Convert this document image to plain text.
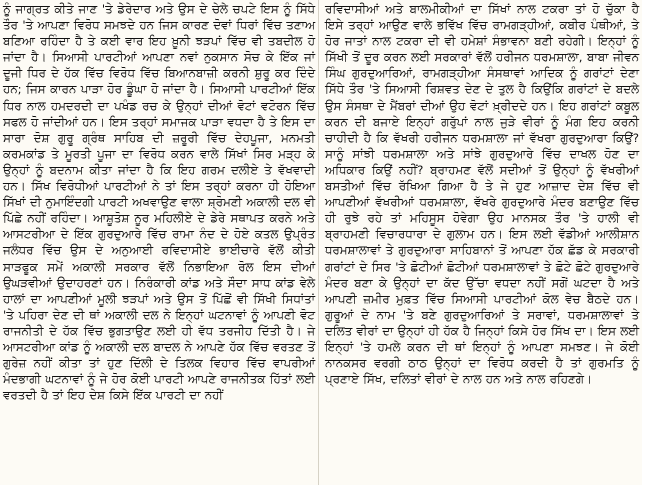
ਨੂੰ ਜਾਗ੍ਰਤ ਕੀਤੇ ਜਾਣ 'ਤੇ ਡੇਰੇਦਾਰ ਅਤੇ ਉਸ ਦੇ ਚੇਲੇ ਚਪਟੇ ਇਸ ਨੂੰ ਸਿੱਧੇ ਤੌਰ 'ਤੇ ਆਪਣਾ ਵਿਰੋਧ ਸਮਝਦੇ ਹਨ ਜਿਸ ਕਾਰਣ ਦੋਵਾਂ ਧਿਰਾਂ ਵਿੱਚ ਤਣਾਅ ਬਣਿਆ ਰਹਿੰਦਾ ਹੈ ਤੇ ਕਈ ਵਾਰ ਇਹ ਖ਼ੂਨੀ ਝੜਪਾਂ ਵਿੱਚ ਵੀ ਤਬਦੀਲ ਹੋ ਜਾਂਦਾ ਹੈ। ਸਿਆਸੀ ਪਾਰਟੀਆਂ ਆਪਣਾ ਨਵਾਂ ਨੁਕਸਾਨ ਸੋਚ ਕੇ ਇੱਕ ਜਾਂ ਦੂਜੀ ਧਿਰ ਦੇ ਹੱਕ ਵਿੱਚ ਵਿਰੋਧ ਵਿੱਚ ਬਿਆਨਬਾਜ਼ੀ ਕਰਨੀ ਸ਼ੁਰੂ ਕਰ ਦਿੰਦੇ ਹਨ; ਜਿਸ ਕਾਰਨ ਪਾੜਾ ਹੋਰ ਡੂੰਘਾ ਹੋ ਜਾਂਦਾ ਹੈ। ਸਿਆਸੀ ਪਾਰਟੀਆਂ ਇੱਕ ਧਿਰ ਨਾਲ ਹਮਦਰਦੀ ਦਾ ਪਖੰਡ ਰਚ ਕੇ ਉਨ੍ਹਾਂ ਦੀਆਂ ਵੋਟਾਂ ਵਟੋਰਨ ਵਿੱਚ ਸਫਲ ਹੋ ਜਾਂਦੀਆਂ ਹਨ। ਇਸ ਤਰ੍ਹਾਂ ਸਮਾਜਕ ਪਾੜਾ ਵਧਦਾ ਹੈ ਤੇ ਇਸ ਦਾ ਸਾਰਾ ਦੋਸ਼ ਗੁਰੂ ਗ੍ਰੰਥ ਸਾਹਿਬ ਦੀ ਜ਼ਰੂਰੀ ਵਿੱਚ ਦੇਹਪੂਜਾ, ਮਨਮਤੀ ਕਰਮਕਾਂਡ ਤੇ ਮੂਰਤੀ ਪੂਜਾ ਦਾ ਵਿਰੋਧ ਕਰਨ ਵਾਲੇ ਸਿੱਖਾਂ ਸਿਰ ਮੜ੍ਹ ਕੇ ਉਨ੍ਹਾਂ ਨੂੰ ਬਦਨਾਮ ਕੀਤਾ ਜਾਂਦਾ ਹੈ ਕਿ ਇਹ ਗਰਮ ਦਲੀਏ ਤੇ ਵੱਖਵਾਦੀ ਹਨ। ਸਿੱਖ ਵਿਰੋਧੀਆਂ ਪਾਰਟੀਆਂ ਨੇ ਤਾਂ ਇਸ ਤਰ੍ਹਾਂ ਕਰਨਾ ਹੀ ਹੋਇਆ ਸਿੱਖਾਂ ਦੀ ਨੁਮਾਇੰਦਗੀ ਪਾਰਟੀ ਅਖਵਾਉਣ ਵਾਲਾ ਸ਼੍ਰੋਮਣੀ ਅਕਾਲੀ ਦਲ ਵੀ ਪਿੱਛੇ ਨਹੀਂ ਰਹਿੰਦਾ। ਆਸ਼ੂਤੋਸ਼ ਨੂਰ ਮਹਿਲੀਏ ਦੇ ਡੇਰੇ ਸਥਾਪਤ ਕਰਨੇ ਅਤੇ ਆਸਟਰੀਆ ਦੇ ਇੱਕ ਗੁਰਦੁਆਰੇ ਵਿੱਚ ਰਾਮਾ ਨੰਦ ਦੇ ਹੋਏ ਕਤਲ ਉਪ੍ਰੰਤ ਜਲੰਧਰ ਵਿੱਚ ਉਸ ਦੇ ਅਨੁਆਈ ਰਵਿਦਾਸੀਏ ਭਾਈਚਾਰੇ ਵੱਲੋਂ ਕੀਤੀ ਸਾੜਫੂਕ ਸਮੇਂ ਅਕਾਲੀ ਸਰਕਾਰ ਵੱਲੋਂ ਨਿਭਾਇਆ ਰੋਲ ਇਸ ਦੀਆਂ ਉਘੜਵੀਆਂ ਉਦਾਹਰਣਾਂ ਹਨ। ਨਿਰੰਕਾਰੀ ਕਾਂਡ ਅਤੇ ਸੌਦਾ ਸਾਧ ਕਾਂਡ ਵੇਲੇ ਹਾਲਾਂ ਦਾ ਆਪਣੀਆਂ ਮੂਲੀ ਝੜਪਾਂ ਅਤੇ ਉਸ ਤੋਂ ਪਿੱਛੋਂ ਵੀ ਸਿੱਖੀ ਸਿਧਾਂਤਾਂ 'ਤੇ ਪਹਿਰਾ ਦੇਣ ਦੀ ਥਾਂ ਅਕਾਲੀ ਦਲ ਨੇ ਇਨ੍ਹਾਂ ਘਟਨਾਵਾਂ ਨੂੰ ਆਪਣੀ ਵੋਟ ਰਾਜਨੀਤੀ ਦੇ ਹੱਕ ਵਿੱਚ ਭੁਗਤਾਉਣ ਲਈ ਹੀ ਵੱਧ ਤਰਜੀਹ ਦਿੱਤੀ ਹੈ। ਜੇ ਆਸਟਰੀਆ ਕਾਂਡ ਨੂੰ ਅਕਾਲੀ ਦਲ ਬਾਦਲ ਨੇ ਆਪਣੇ ਹੱਕ ਵਿੱਚ ਵਰਤਣ ਤੋਂ ਗੁਰੇਜ਼ ਨਹੀਂ ਕੀਤਾ ਤਾਂ ਹੁਣ ਦਿੱਲੀ ਦੇ ਤਿਲਕ ਵਿਹਾਰ ਵਿੱਚ ਵਾਪਰੀਆਂ ਮੰਦਭਾਗੀ ਘਟਨਾਵਾਂ ਨੂੰ ਜੇ ਹੋਰ ਕੋਈ ਪਾਰਟੀ ਆਪਣੇ ਰਾਜਨੀਤਕ ਹਿੱਤਾਂ ਲਈ ਵਰਤਦੀ ਹੈ ਤਾਂ ਇਹ ਦੇਸ਼ ਕਿਸੇ ਇੱਕ ਪਾਰਟੀ ਦਾ ਨਹੀਂ

ਰਵਿਦਾਸੀਆਂ ਅਤੇ ਬਾਲਮੀਕੀਆਂ ਦਾ ਸਿੱਖਾਂ ਨਾਲ ਟਕਰਾ ਤਾਂ ਹੋ ਚੁੱਕਾ ਹੈ ਇਸੇ ਤਰ੍ਹਾਂ ਆਉਣ ਵਾਲੇ ਭਵਿੱਖ ਵਿੱਚ ਰਾਮਗੜ੍ਹੀਆਂ, ਕਬੀਰ ਪੰਥੀਆਂ, ਤੇ ਹੋਰ ਜਾਤਾਂ ਨਾਲ ਟਕਰਾ ਦੀ ਵੀ ਹਮੇਸ਼ਾਂ ਸੰਭਾਵਨਾ ਬਣੀ ਰਹੇਗੀ। ਇਨ੍ਹਾਂ ਨੂੰ ਸਿੱਖੀ ਤੋਂ ਦੂਰ ਕਰਨ ਲਈ ਸਰਕਾਰਾਂ ਵੱਲੋਂ ਹਰੀਜਨ ਧਰਮਸ਼ਾਲਾ, ਬਾਬਾ ਜੀਵਨ ਸਿੰਘ ਗੁਰਦੁਆਰਿਆਂ, ਰਾਮਗੜ੍ਹੀਆ ਸੰਸਥਾਵਾਂ ਆਦਿਕ ਨੂੰ ਗਰਾਂਟਾਂ ਦੇਣਾ ਸਿੱਧੇ ਤੌਰ 'ਤੇ ਸਿਆਸੀ ਰਿਸ਼ਵਤ ਦੇਣ ਦੇ ਤੁਲ ਹੈ ਕਿਉਂਕਿ ਗਰਾਂਟਾਂ ਦੇ ਬਦਲੇ ਉਸ ਸੰਸਥਾ ਦੇ ਮੈਂਬਰਾਂ ਦੀਆਂ ਉਹ ਵੋਟਾਂ ਖ਼੍ਰੀਦਦੇ ਹਨ। ਇਹ ਗਰਾਂਟਾਂ ਕਬੂਲ ਕਰਨ ਦੀ ਬਜਾਏ ਇਨ੍ਹਾਂ ਗਰੁੱਪਾਂ ਨਾਲ ਜੁੜੇ ਵੀਰਾਂ ਨੂੰ ਮੰਗ ਇਹ ਕਰਨੀ ਚਾਹੀਦੀ ਹੈ ਕਿ ਵੱਖਰੀ ਹਰੀਜਨ ਧਰਮਸ਼ਾਲਾ ਜਾਂ ਵੱਖਰਾ ਗੁਰਦੁਆਰਾ ਕਿਉਂ? ਸਾਨੂੰ ਸਾਂਝੀ ਧਰਮਸ਼ਾਲਾ ਅਤੇ ਸਾਂਝੇ ਗੁਰਦੁਆਰੇ ਵਿੱਚ ਦਾਖਲ ਹੋਣ ਦਾ ਅਧਿਕਾਰ ਕਿਉਂ ਨਹੀਂ? ਬ੍ਰਾਹਮਣ ਵੱਲੋਂ ਸਦੀਆਂ ਤੋਂ ਉਨ੍ਹਾਂ ਨੂੰ ਵੱਖਰੀਆਂ ਬਸਤੀਆਂ ਵਿੱਚ ਰੱਖਿਆ ਗਿਆ ਹੈ ਤੇ ਜੇ ਹੁਣ ਆਜ਼ਾਦ ਦੇਸ਼ ਵਿੱਚ ਵੀ ਆਪਣੀਆਂ ਵੱਖਰੀਆਂ ਧਰਮਸ਼ਾਲਾ, ਵੱਖਰੇ ਗੁਰਦੁਆਰੇ ਮੰਦਰ ਬਣਾਉਣ ਵਿੱਚ ਹੀ ਰੁਝੇ ਰਹੇ ਤਾਂ ਮਹਿਸੂਸ ਹੋਵੇਗਾ ਉਹ ਮਾਨਸਕ ਤੌਰ 'ਤੇ ਹਾਲੀ ਵੀ ਬ੍ਰਾਹਮਣੀ ਵਿਚਾਰਧਾਰਾ ਦੇ ਗੁਲਾਮ ਹਨ। ਇਸ ਲਈ ਵੱਡੀਆਂ ਆਲੀਸ਼ਾਨ ਧਰਮਸ਼ਾਲਾਵਾਂ ਤੇ ਗੁਰਦੁਆਰਾ ਸਾਹਿਬਾਨਾਂ ਤੋਂ ਆਪਣਾ ਹੱਕ ਛੱਡ ਕੇ ਸਰਕਾਰੀ ਗਰਾਂਟਾਂ ਦੇ ਸਿਰ 'ਤੇ ਛੋਟੀਆਂ ਛੋਟੀਆਂ ਧਰਮਸ਼ਾਲਾਵਾਂ ਤੇ ਛੋਟੇ ਛੋਟੇ ਗੁਰਦੁਆਰੇ ਮੰਦਰ ਬਣਾ ਕੇ ਉਨ੍ਹਾਂ ਦਾ ਕੱਦ ਉੱਚਾ ਵਧਦਾ ਨਹੀਂ ਸਗੋਂ ਘਟਦਾ ਹੈ ਅਤੇ ਆਪਣੀ ਜ਼ਮੀਰ ਮੁਫ਼ਤ ਵਿੱਚ ਸਿਆਸੀ ਪਾਰਟੀਆਂ ਕੋਲ ਵੇਚ ਬੈਠਦੇ ਹਨ। ਗੁਰੂਆਂ ਦੇ ਨਾਮ 'ਤੇ ਬਣੇ ਗੁਰਦੁਆਰਿਆਂ ਤੇ ਸਰਾਵਾਂ, ਧਰਮਸ਼ਾਲਾਵਾਂ ਤੇ ਦਲਿਤ ਵੀਰਾਂ ਦਾ ਉਨ੍ਹਾਂ ਹੀ ਹੱਕ ਹੈ ਜਿਨ੍ਹਾਂ ਕਿਸੇ ਹੋਰ ਸਿੱਖ ਦਾ। ਇਸ ਲਈ ਇਨ੍ਹਾਂ 'ਤੇ ਹਮਲੇ ਕਰਨ ਦੀ ਥਾਂ ਇਨ੍ਹਾਂ ਨੂੰ ਆਪਣਾ ਸਮਝਣ। ਜੇ ਕੋਈ ਨਾਨਕਸਰ ਵਰਗੀ ਠਾਠ ਉਨ੍ਹਾਂ ਦਾ ਵਿਰੋਧ ਕਰਦੀ ਹੈ ਤਾਂ ਗੁਰਮਤਿ ਨੂੰ ਪ੍ਰਣਾਏ ਸਿੱਖ, ਦਲਿਤਾਂ ਵੀਰਾਂ ਦੇ ਨਾਲ ਹਨ ਅਤੇ ਨਾਲ ਰਹਿਣਗੇ।
